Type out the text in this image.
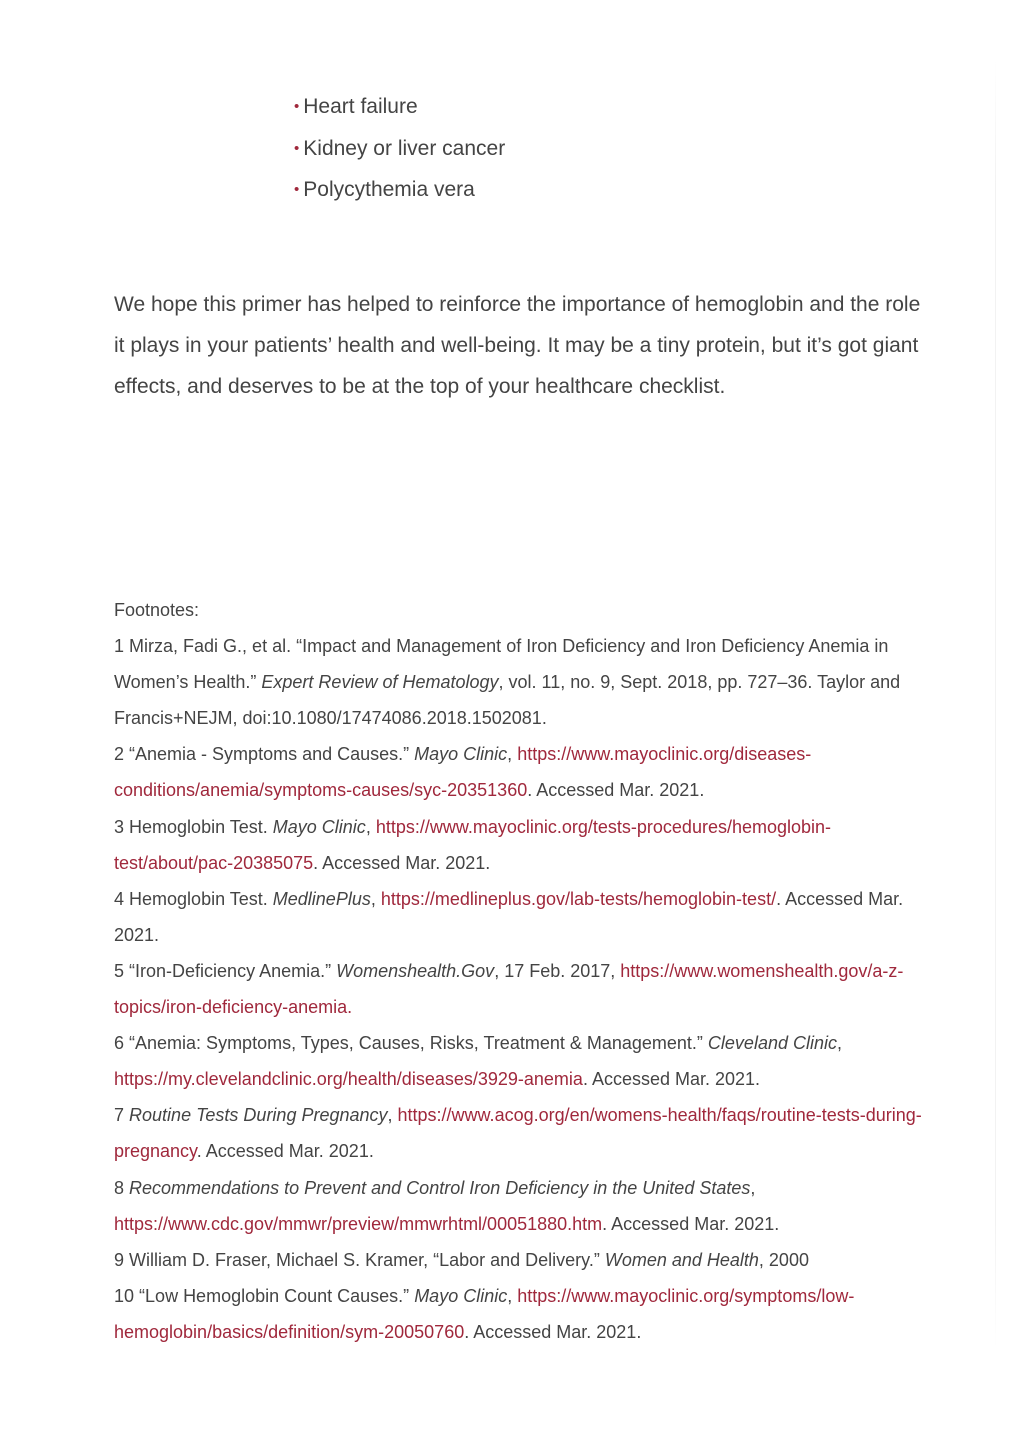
• Heart failure
• Kidney or liver cancer
• Polycythemia vera

We hope this primer has helped to reinforce the importance of hemoglobin and the role it plays in your patients’ health and well-being. It may be a tiny protein, but it’s got giant effects, and deserves to be at the top of your healthcare checklist.

Footnotes:

1 Mirza, Fadi G., et al. “Impact and Management of Iron Deficiency and Iron Deficiency Anemia in Women’s Health.” Expert Review of Hematology, vol. 11, no. 9, Sept. 2018, pp. 727–36. Taylor and Francis+NEJM, doi:10.1080/17474086.2018.1502081.

2 “Anemia - Symptoms and Causes.” Mayo Clinic, https://www.mayoclinic.org/diseases-conditions/anemia/symptoms-causes/syc-20351360. Accessed Mar. 2021.

3 Hemoglobin Test. Mayo Clinic, https://www.mayoclinic.org/tests-procedures/hemoglobin-test/about/pac-20385075. Accessed Mar. 2021.

4 Hemoglobin Test. MedlinePlus, https://medlineplus.gov/lab-tests/hemoglobin-test/. Accessed Mar. 2021.

5 “Iron-Deficiency Anemia.” Womenshealth.Gov, 17 Feb. 2017, https://www.womenshealth.gov/a-z-topics/iron-deficiency-anemia.

6 “Anemia: Symptoms, Types, Causes, Risks, Treatment & Management.” Cleveland Clinic, https://my.clevelandclinic.org/health/diseases/3929-anemia. Accessed Mar. 2021.

7 Routine Tests During Pregnancy, https://www.acog.org/en/womens-health/faqs/routine-tests-during-pregnancy. Accessed Mar. 2021.

8 Recommendations to Prevent and Control Iron Deficiency in the United States, https://www.cdc.gov/mmwr/preview/mmwrhtml/00051880.htm. Accessed Mar. 2021.

9 William D. Fraser, Michael S. Kramer, “Labor and Delivery.” Women and Health, 2000

10 “Low Hemoglobin Count Causes.” Mayo Clinic, https://www.mayoclinic.org/symptoms/low-hemoglobin/basics/definition/sym-20050760. Accessed Mar. 2021.
